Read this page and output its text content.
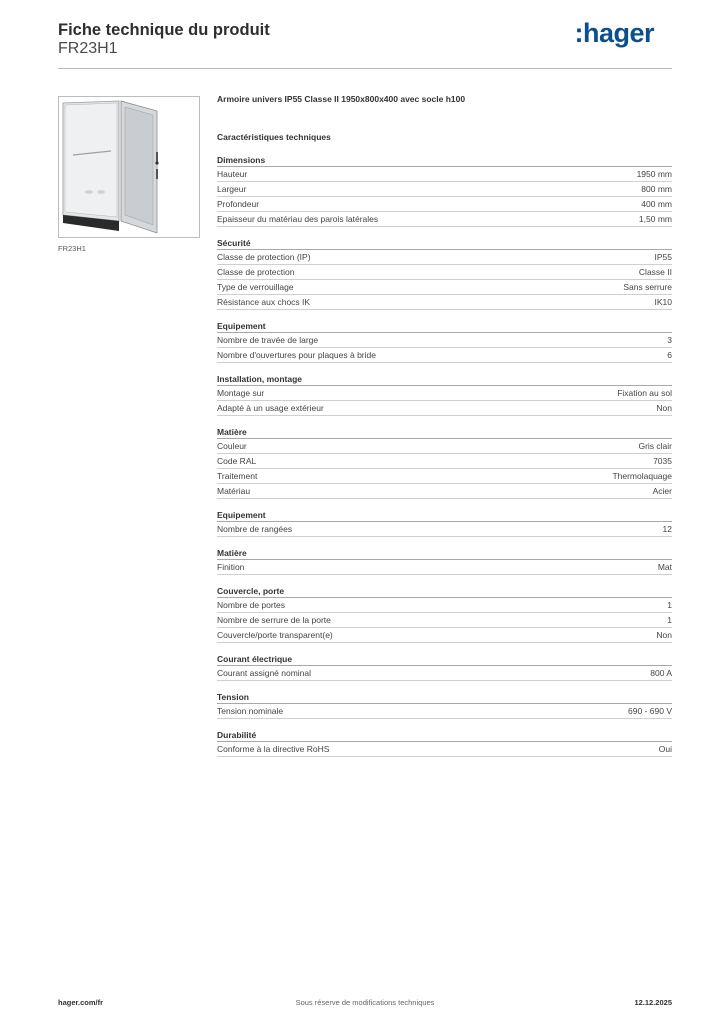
Fiche technique du produit
FR23H1
:hager
FR23H1
Armoire univers IP55 Classe II 1950x800x400 avec socle h100
Caractéristiques techniques
Dimensions
Hauteur	1950 mm
Largeur	800 mm
Profondeur	400 mm
Epaisseur du matériau des parois latérales	1,50 mm
Sécurité
Classe de protection (IP)	IP55
Classe de protection	Classe II
Type de verrouillage	Sans serrure
Résistance aux chocs IK	IK10
Equipement
Nombre de travée de large	3
Nombre d'ouvertures pour plaques à bride	6
Installation, montage
Montage sur	Fixation au sol
Adapté à un usage extérieur	Non
Matière
Couleur	Gris clair
Code RAL	7035
Traitement	Thermolaquage
Matériau	Acier
Equipement
Nombre de rangées	12
Matière
Finition	Mat
Couvercle, porte
Nombre de portes	1
Nombre de serrure de la porte	1
Couvercle/porte transparent(e)	Non
Courant électrique
Courant assigné nominal	800 A
Tension
Tension nominale	690 - 690 V
Durabilité
Conforme à la directive RoHS	Oui
hager.com/fr	Sous réserve de modifications techniques	12.12.2025
